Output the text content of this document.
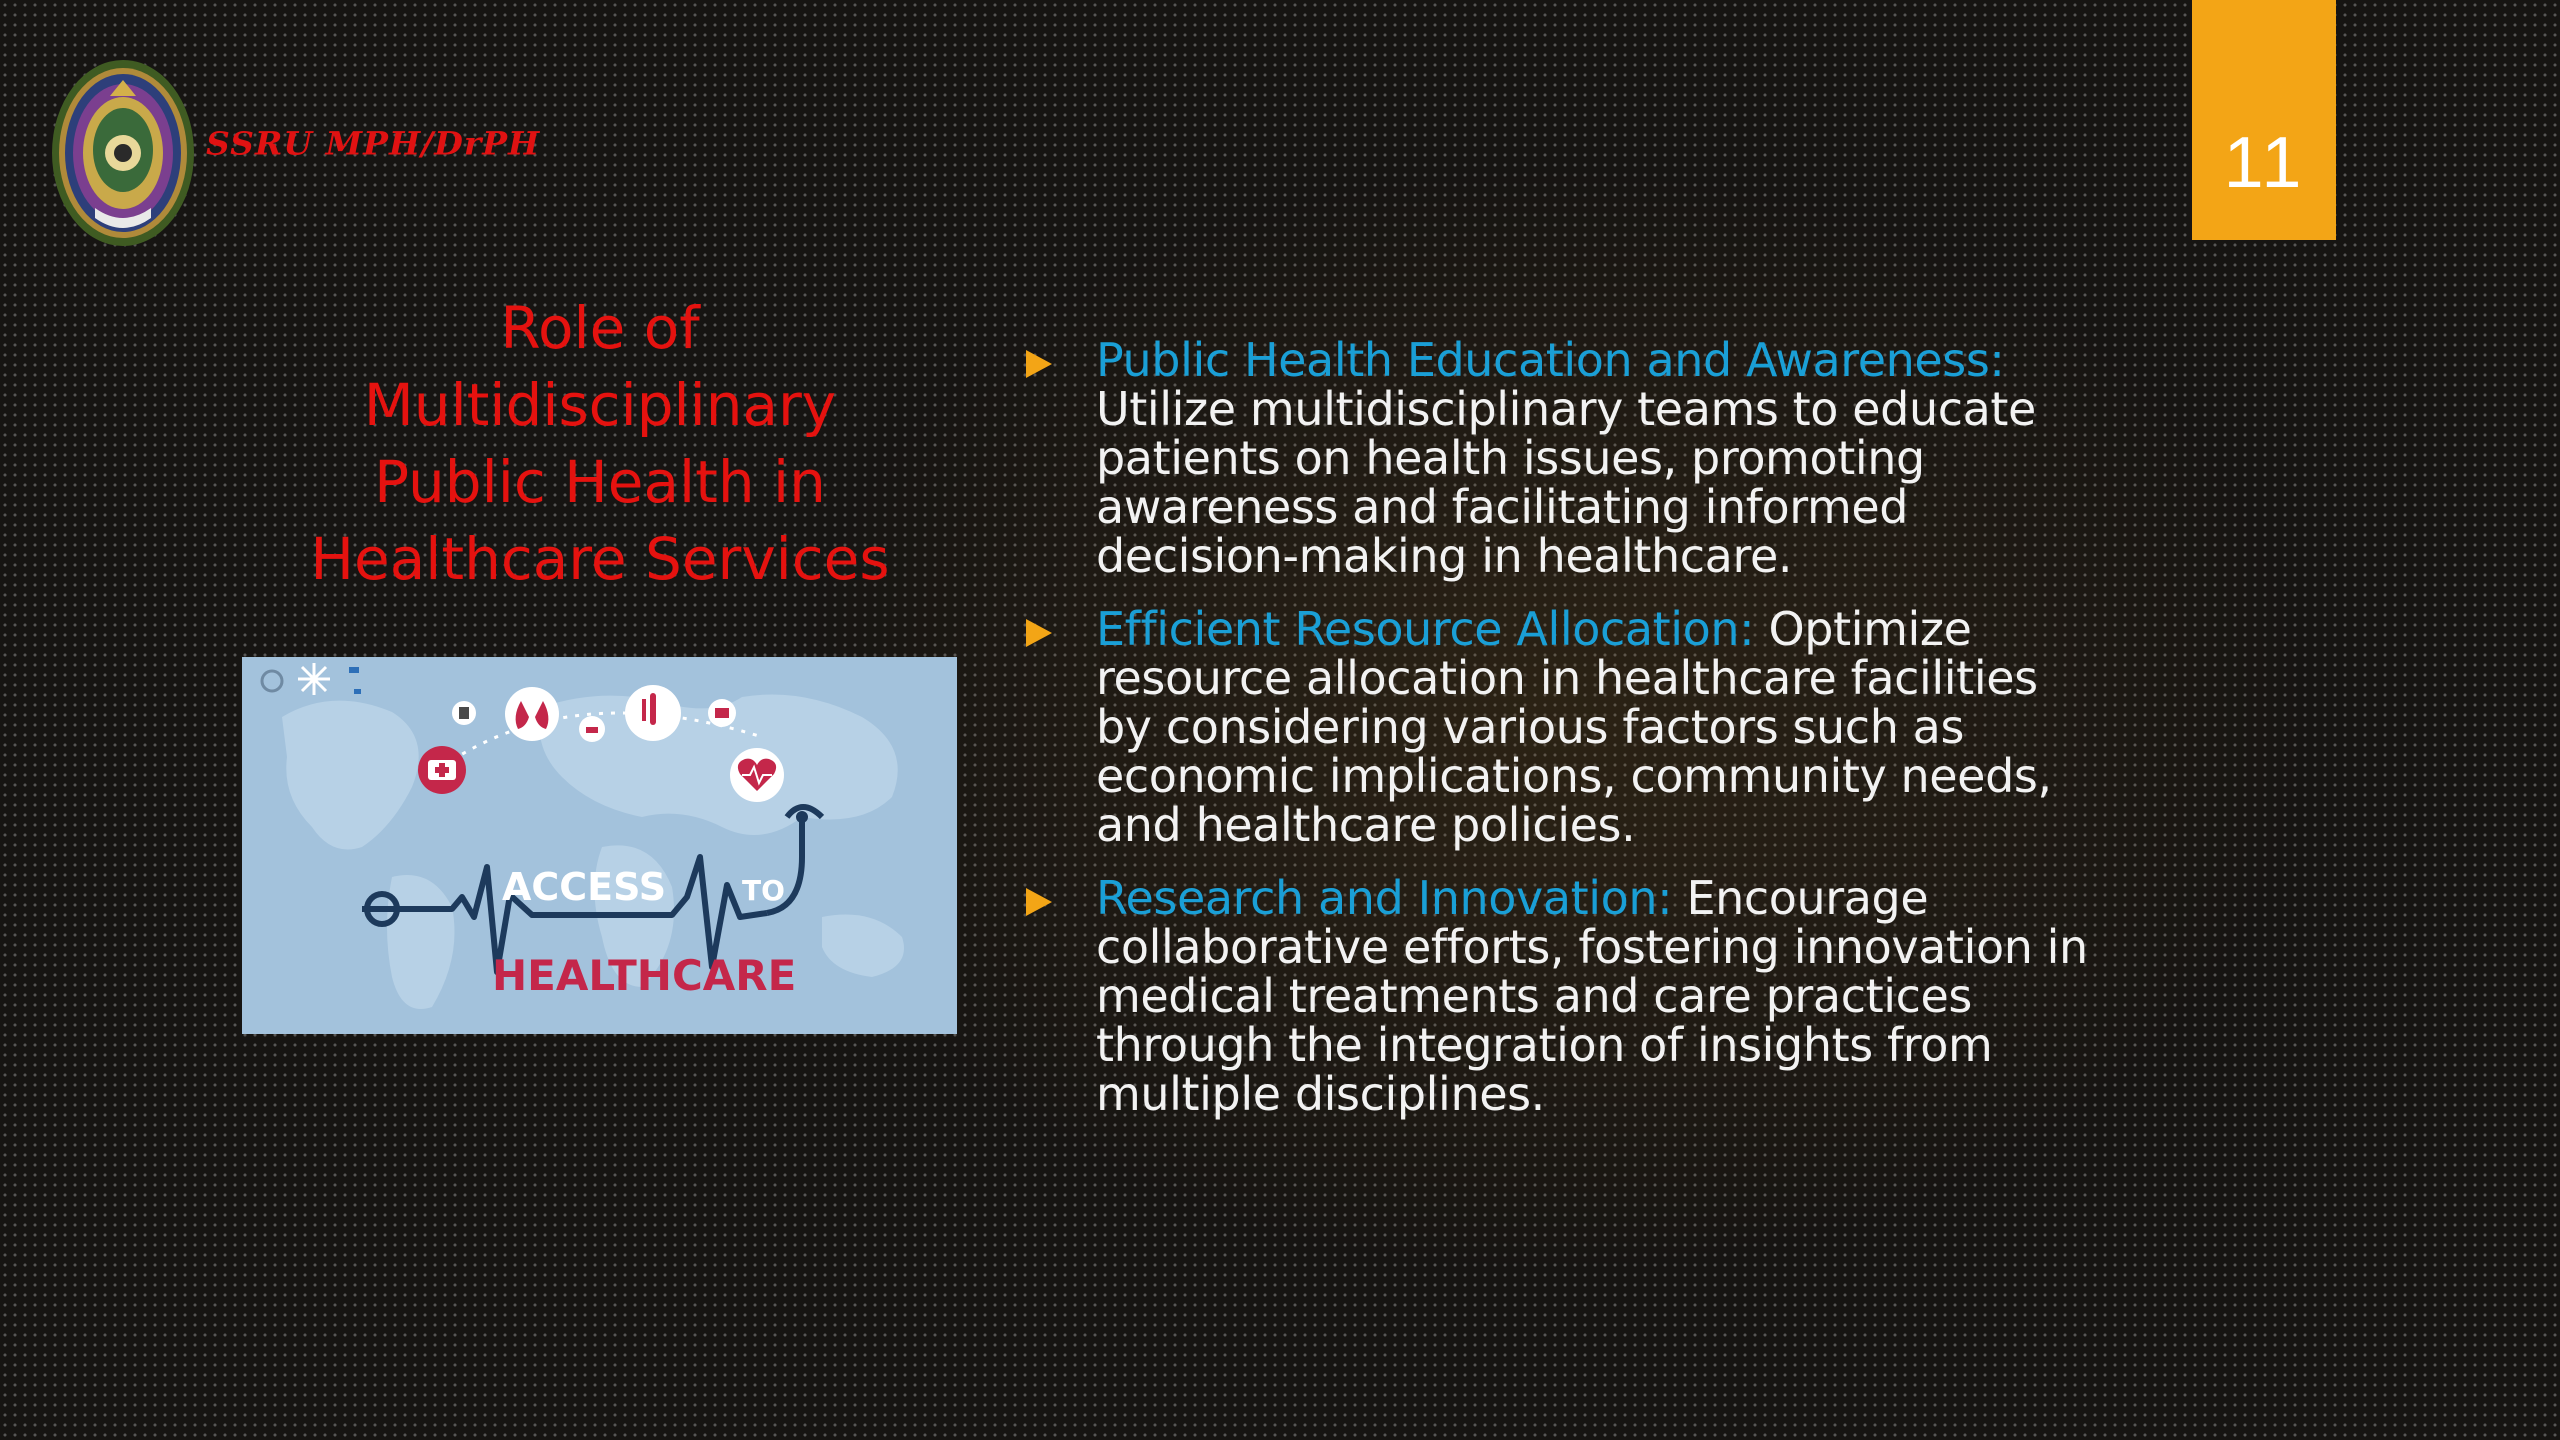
SSRU MPH/DrPH	11
Role of
Multidisciplinary
Public Health in
Healthcare Services
ACCESS	TO
HEALTHCARE
Public Health Education and Awareness: Utilize multidisciplinary teams to educate patients on health issues, promoting awareness and facilitating informed decision-making in healthcare.
Efficient Resource Allocation: Optimize resource allocation in healthcare facilities by considering various factors such as economic implications, community needs, and healthcare policies.
Research and Innovation: Encourage collaborative efforts, fostering innovation in medical treatments and care practices through the integration of insights from multiple disciplines.
